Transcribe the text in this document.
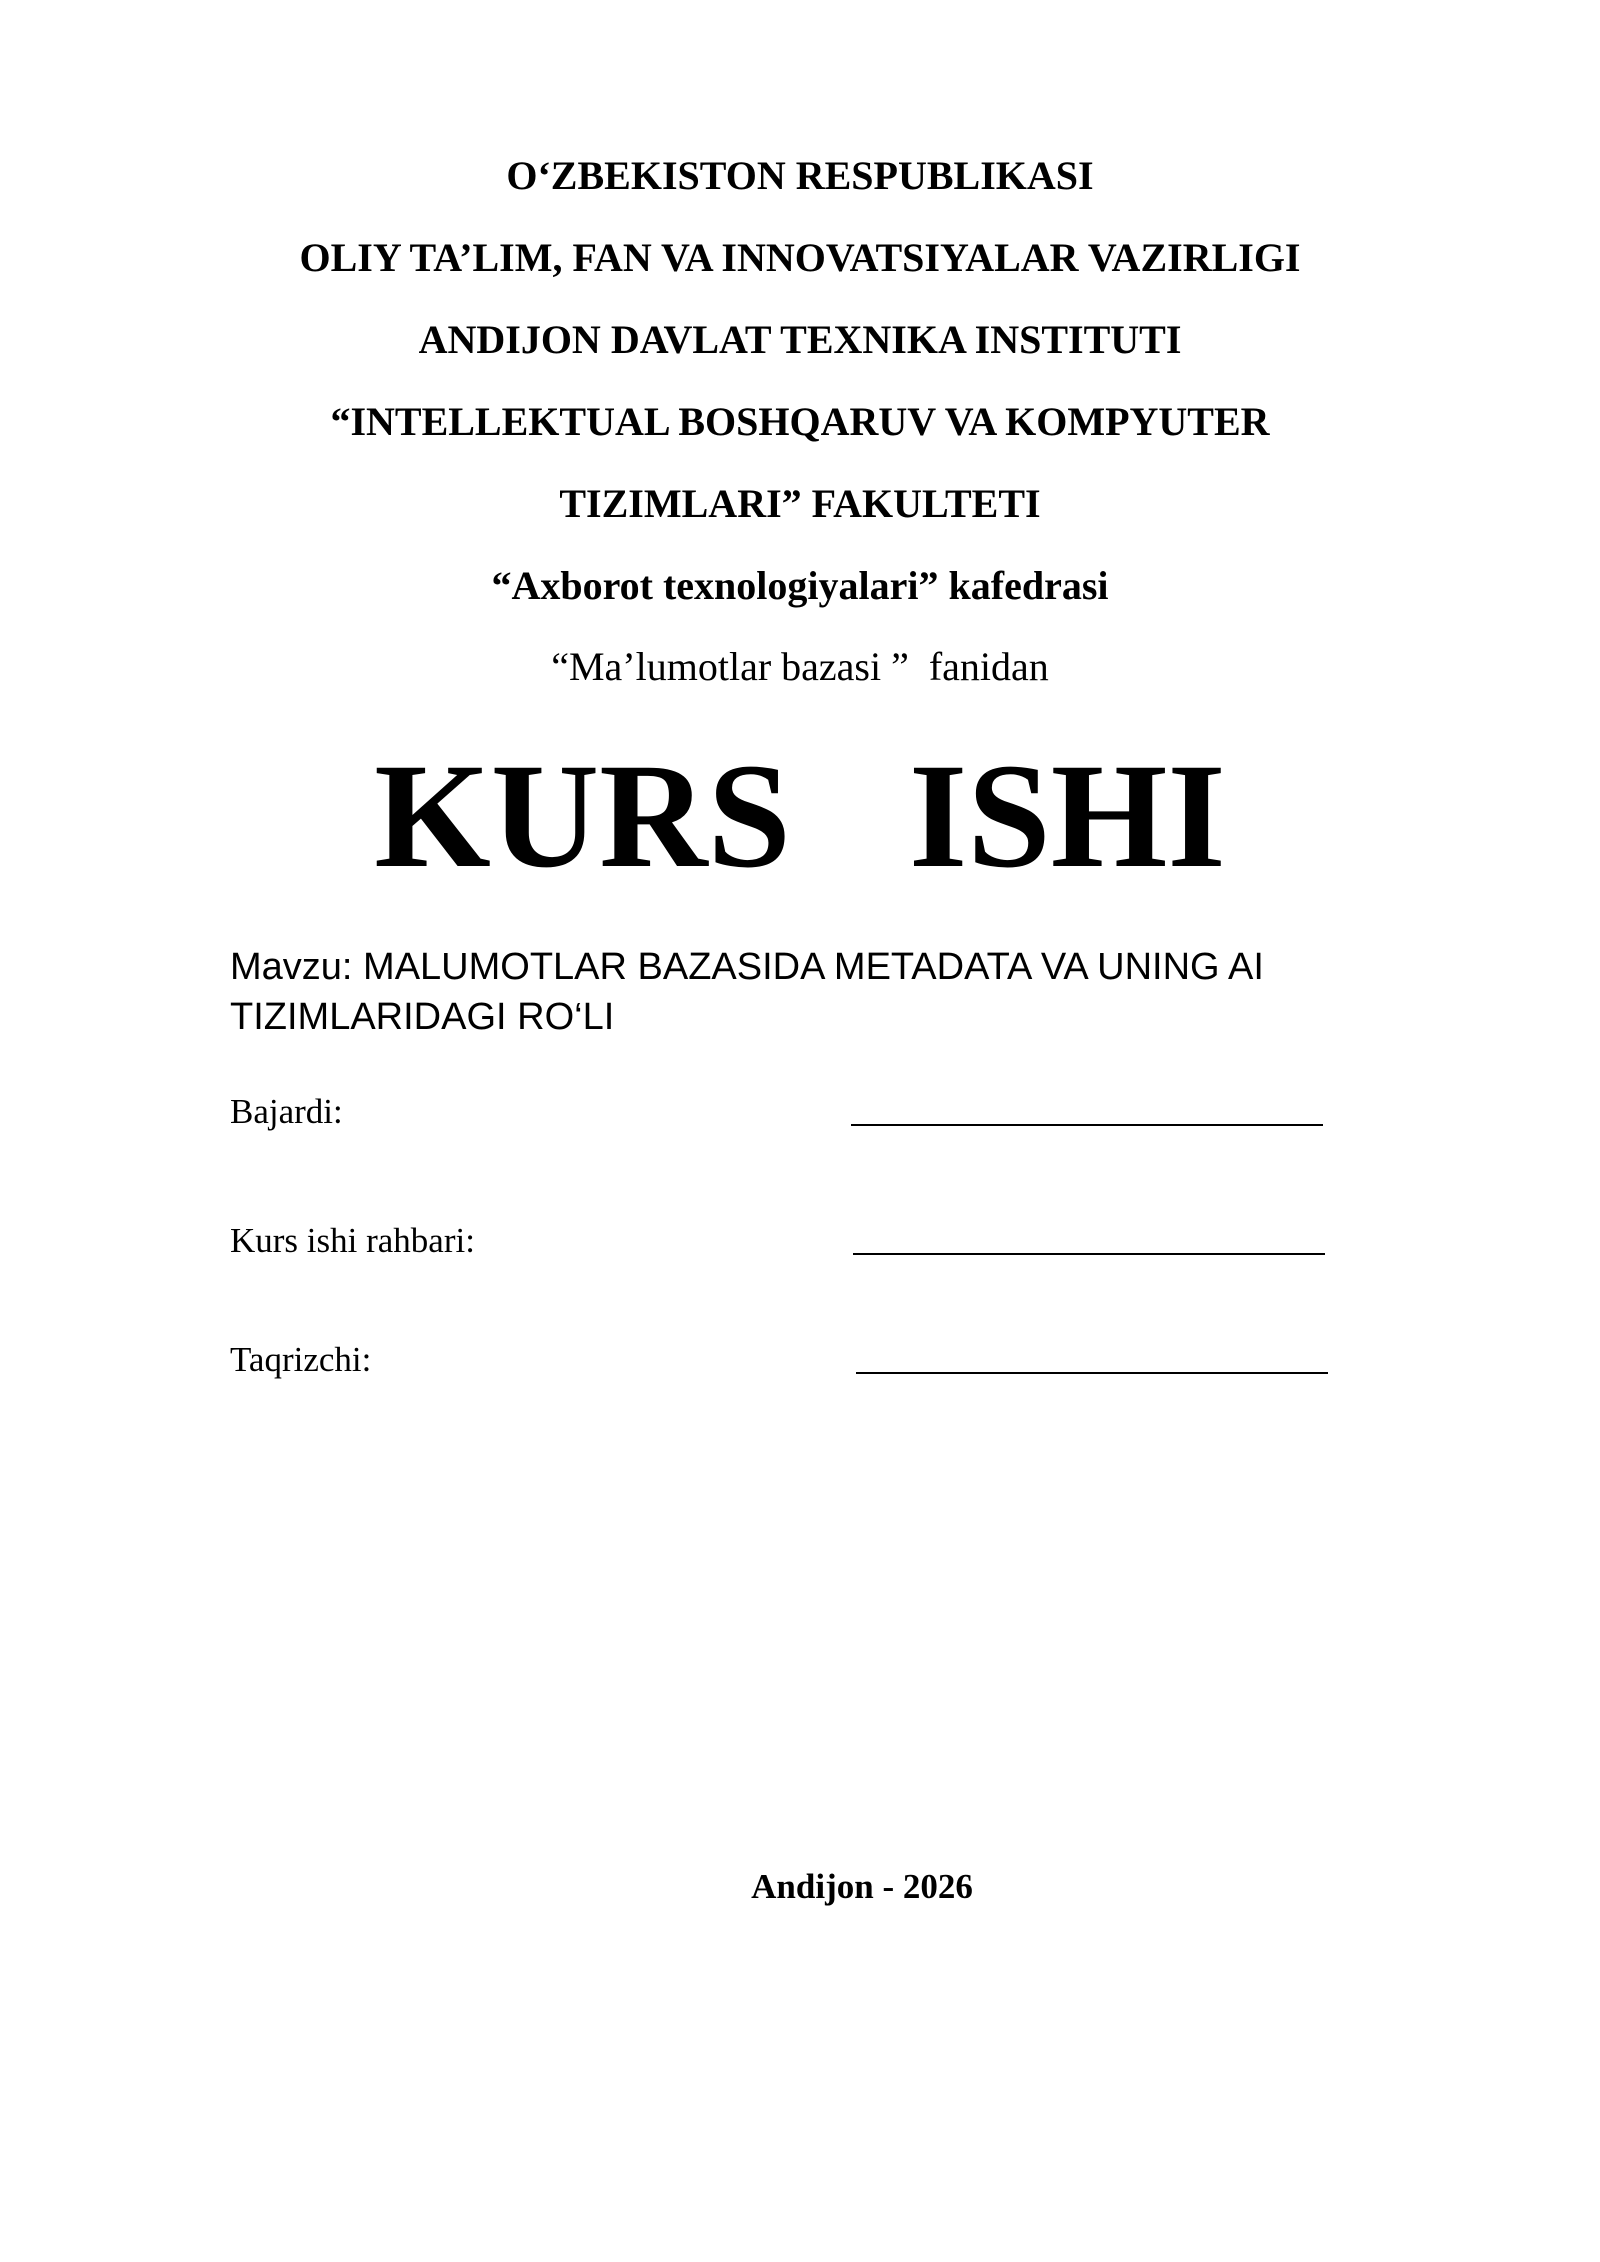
O‘ZBEKISTON RESPUBLIKASI
OLIY TA’LIM, FAN VA INNOVATSIYALAR VAZIRLIGI
ANDIJON DAVLAT TEXNIKA INSTITUTI
“INTELLEKTUAL BOSHQARUV VA KOMPYUTER
TIZIMLARI” FAKULTETI
“Axborot texnologiyalari” kafedrasi
“Ma’lumotlar bazasi ”  fanidan
KURS ISHI
Mavzu: MALUMOTLAR BAZASIDA METADATA VA UNING AI TIZIMLARIDAGI RO‘LI
Bajardi:
Kurs ishi rahbari:
Taqrizchi:
Andijon - 2026
